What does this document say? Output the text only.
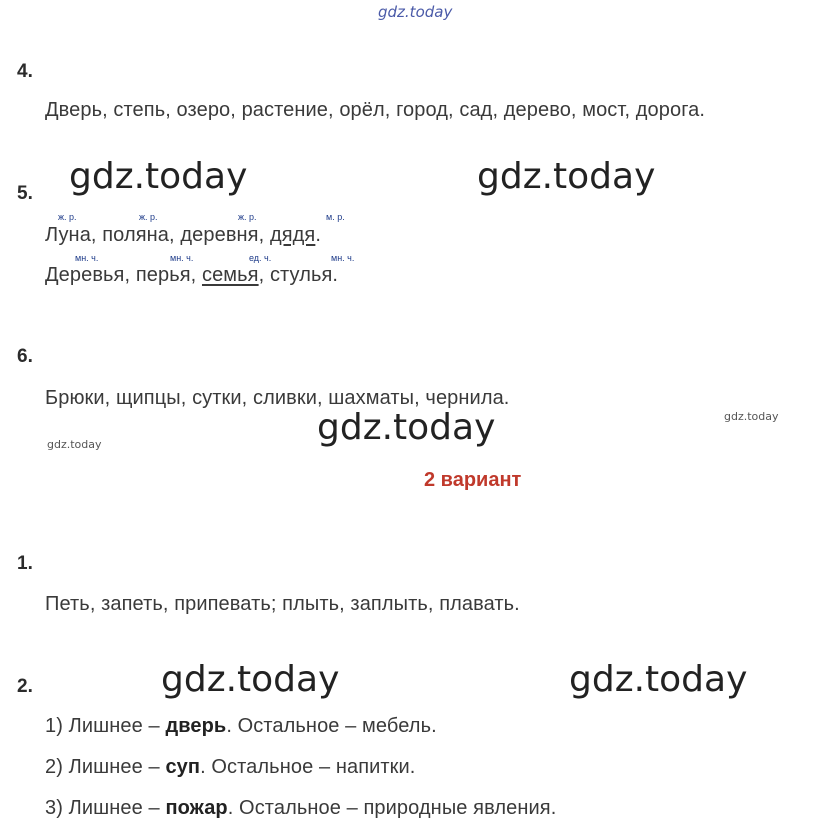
gdz.today
4.
Дверь, степь, озеро, растение, орёл, город, сад, дерево, мост, дорога.
gdz.today	gdz.today
5.
ж. р.	ж. р.	ж. р.	м. р.
Луна, поляна, деревня, дядя.
мн. ч.	мн. ч.	ед. ч.	мн. ч.
Деревья, перья, семья, стулья.
6.
Брюки, щипцы, сутки, сливки, шахматы, чернила.
gdz.today
gdz.today
gdz.today
2 вариант
1.
Петь, запеть, припевать; плыть, заплыть, плавать.
2.	gdz.today	gdz.today
1) Лишнее – дверь. Остальное – мебель.
2) Лишнее – суп. Остальное – напитки.
3) Лишнее – пожар. Остальное – природные явления.
